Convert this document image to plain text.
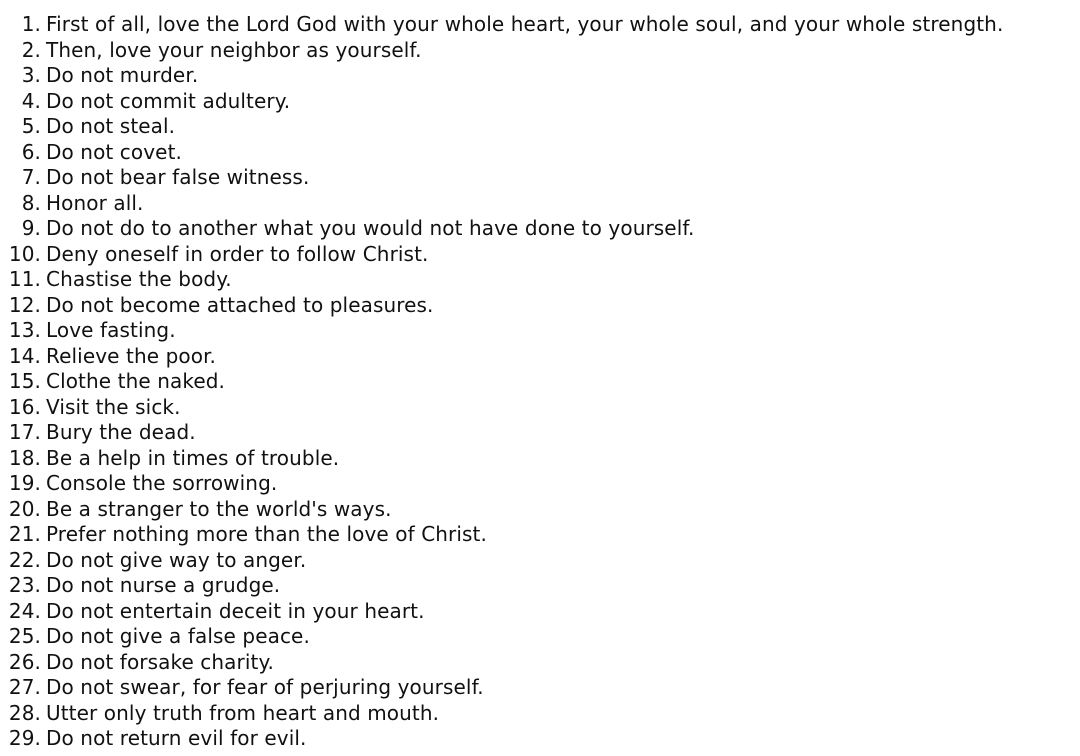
1. First of all, love the Lord God with your whole heart, your whole soul, and your whole strength.
2. Then, love your neighbor as yourself.
3. Do not murder.
4. Do not commit adultery.
5. Do not steal.
6. Do not covet.
7. Do not bear false witness.
8. Honor all.
9. Do not do to another what you would not have done to yourself.
10. Deny oneself in order to follow Christ.
11. Chastise the body.
12. Do not become attached to pleasures.
13. Love fasting.
14. Relieve the poor.
15. Clothe the naked.
16. Visit the sick.
17. Bury the dead.
18. Be a help in times of trouble.
19. Console the sorrowing.
20. Be a stranger to the world's ways.
21. Prefer nothing more than the love of Christ.
22. Do not give way to anger.
23. Do not nurse a grudge.
24. Do not entertain deceit in your heart.
25. Do not give a false peace.
26. Do not forsake charity.
27. Do not swear, for fear of perjuring yourself.
28. Utter only truth from heart and mouth.
29. Do not return evil for evil.
